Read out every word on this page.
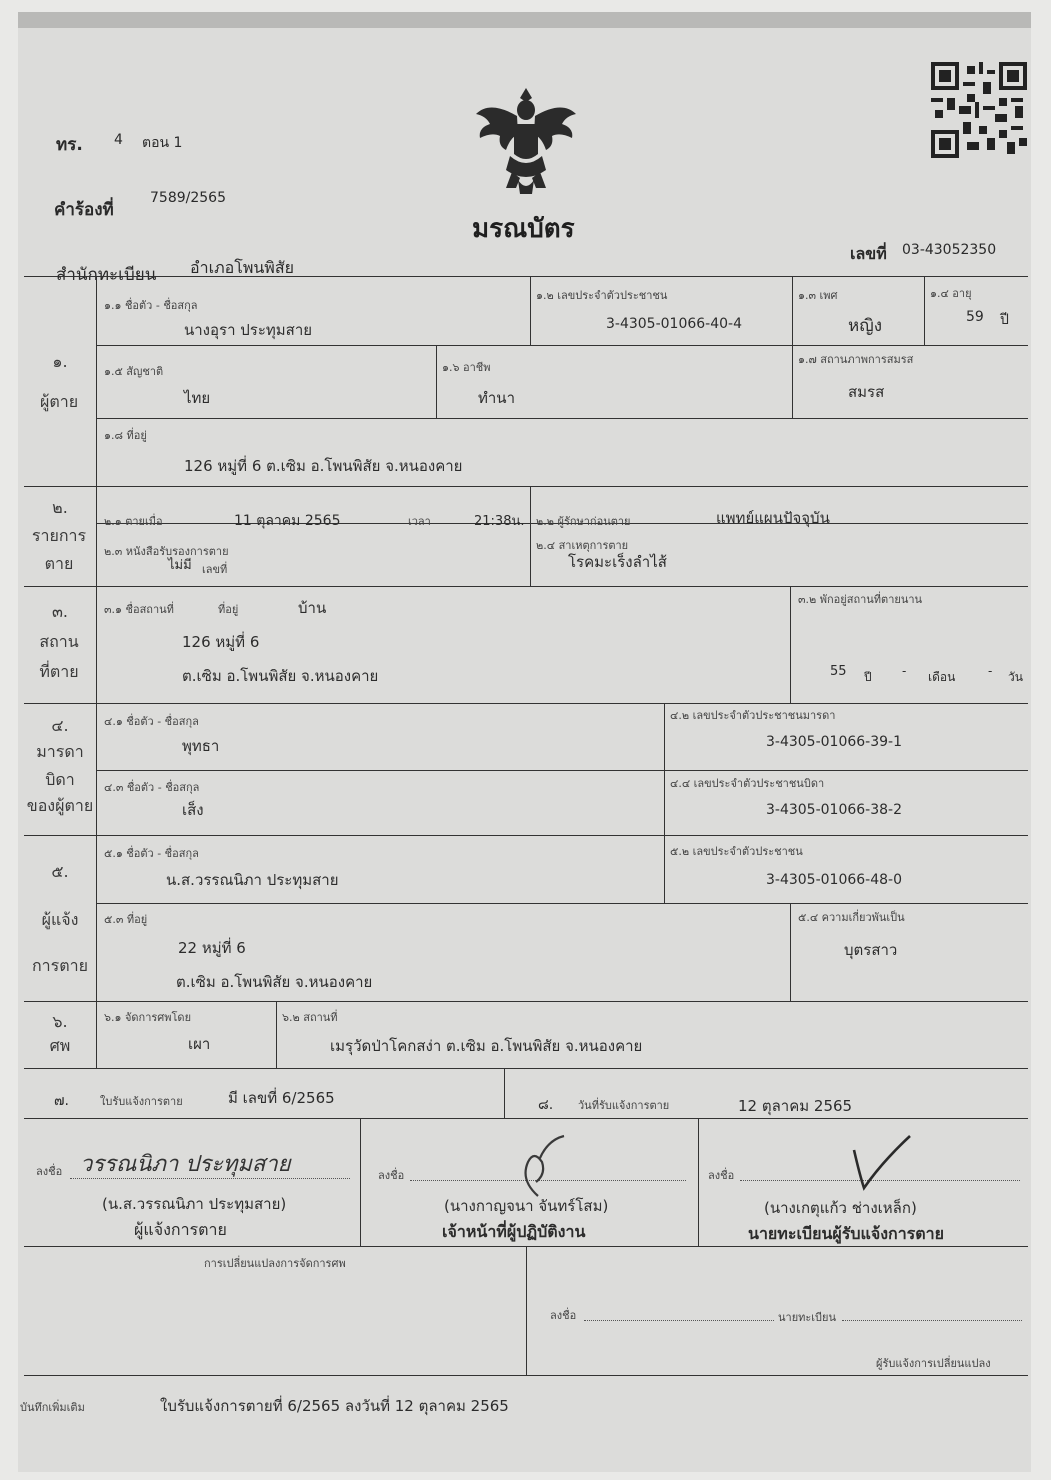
ทร. 4 ตอน 1
คำร้องที่
7589/2565
มรณบัตร
สำนักทะเบียน อำเภอโพนพิสัย
เลขที่ 03-43052350
๑.
ผู้ตาย
๑.๑ ชื่อตัว - ชื่อสกุล
นางอุรา ประทุมสาย
๑.๒ เลขประจำตัวประชาชน
3-4305-01066-40-4
๑.๓ เพศ
หญิง
๑.๔ อายุ
59 ปี
๑.๕ สัญชาติ
ไทย
๑.๖ อาชีพ
ทำนา
๑.๗ สถานภาพการสมรส
สมรส
๑.๘ ที่อยู่
126 หมู่ที่ 6 ต.เซิม อ.โพนพิสัย จ.หนองคาย
๒.
รายการ
ตาย
๒.๑ ตายเมื่อ	11 ตุลาคม 2565	เวลา	21:38น. ๒.๒ ผู้รักษาก่อนตาย	แพทย์แผนปัจจุบัน
๒.๓ หนังสือรับรองการตาย
ไม่มี เลขที่
๒.๔ สาเหตุการตาย
โรคมะเร็งลำไส้
๓.
สถาน
ที่ตาย
๓.๑ ชื่อสถานที่	ที่อยู่	บ้าน
126 หมู่ที่ 6
ต.เซิม อ.โพนพิสัย จ.หนองคาย
๓.๒ พักอยู่สถานที่ตายนาน
55 ปี	- เดือน	- วัน
๔.
มารดา
บิดา
ของผู้ตาย
๔.๑ ชื่อตัว - ชื่อสกุล
พุทธา
๔.๒ เลขประจำตัวประชาชนมารดา
3-4305-01066-39-1
๔.๓ ชื่อตัว - ชื่อสกุล
เส็ง
๔.๔ เลขประจำตัวประชาชนบิดา
3-4305-01066-38-2
๕.
ผู้แจ้ง
การตาย
๕.๑ ชื่อตัว - ชื่อสกุล
น.ส.วรรณนิภา ประทุมสาย
๕.๒ เลขประจำตัวประชาชน
3-4305-01066-48-0
๕.๓ ที่อยู่
22 หมู่ที่ 6
ต.เซิม อ.โพนพิสัย จ.หนองคาย
๕.๔ ความเกี่ยวพันเป็น
บุตรสาว
๖.
ศพ
๖.๑ จัดการศพโดย
เผา
๖.๒ สถานที่
เมรุวัดป่าโคกสง่า ต.เซิม อ.โพนพิสัย จ.หนองคาย
๗.	ใบรับแจ้งการตาย	มี เลขที่ 6/2565	๘. วันที่รับแจ้งการตาย	12 ตุลาคม 2565
ลงชื่อ วรรณนิภา ประทุมสาย
(น.ส.วรรณนิภา ประทุมสาย)
ผู้แจ้งการตาย
ลงชื่อ
(นางกาญจนา จันทร์โสม)
เจ้าหน้าที่ผู้ปฏิบัติงาน
ลงชื่อ
(นางเกตุแก้ว ช่างเหล็ก)
นายทะเบียนผู้รับแจ้งการตาย
การเปลี่ยนแปลงการจัดการศพ
ลงชื่อ	นายทะเบียน
ผู้รับแจ้งการเปลี่ยนแปลง
บันทึกเพิ่มเติม	ใบรับแจ้งการตายที่ 6/2565 ลงวันที่ 12 ตุลาคม 2565
